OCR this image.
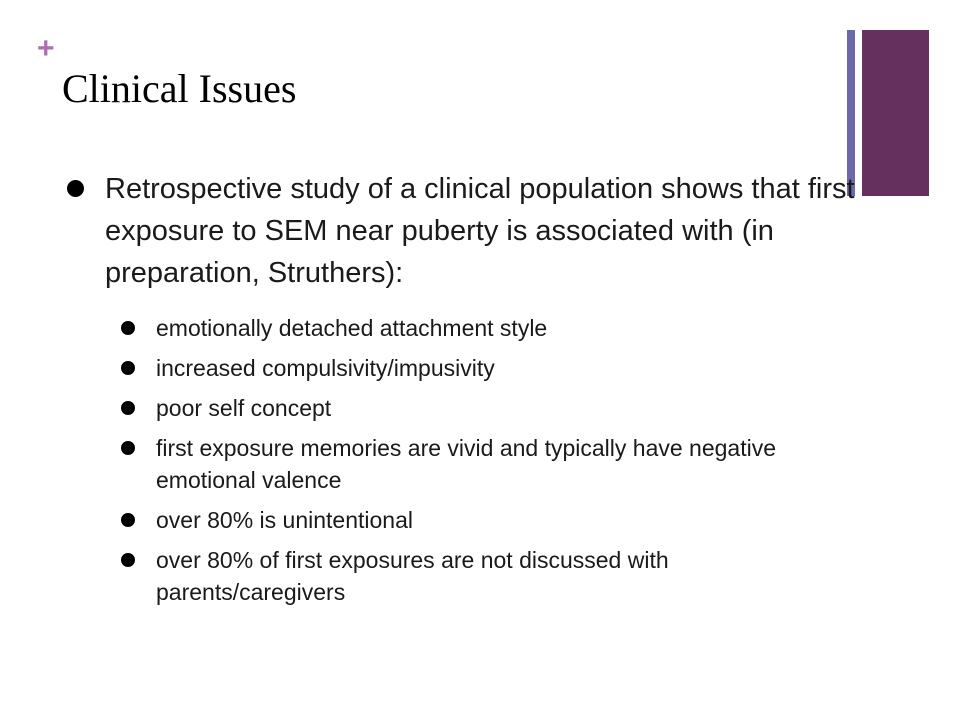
+
Clinical Issues
Retrospective study of a clinical population shows that first exposure to SEM near puberty is associated with (in preparation, Struthers):
emotionally detached attachment style
increased compulsivity/impusivity
poor self concept
first exposure memories are vivid and typically have negative emotional valence
over 80% is unintentional
over 80% of first exposures are not discussed with parents/caregivers
